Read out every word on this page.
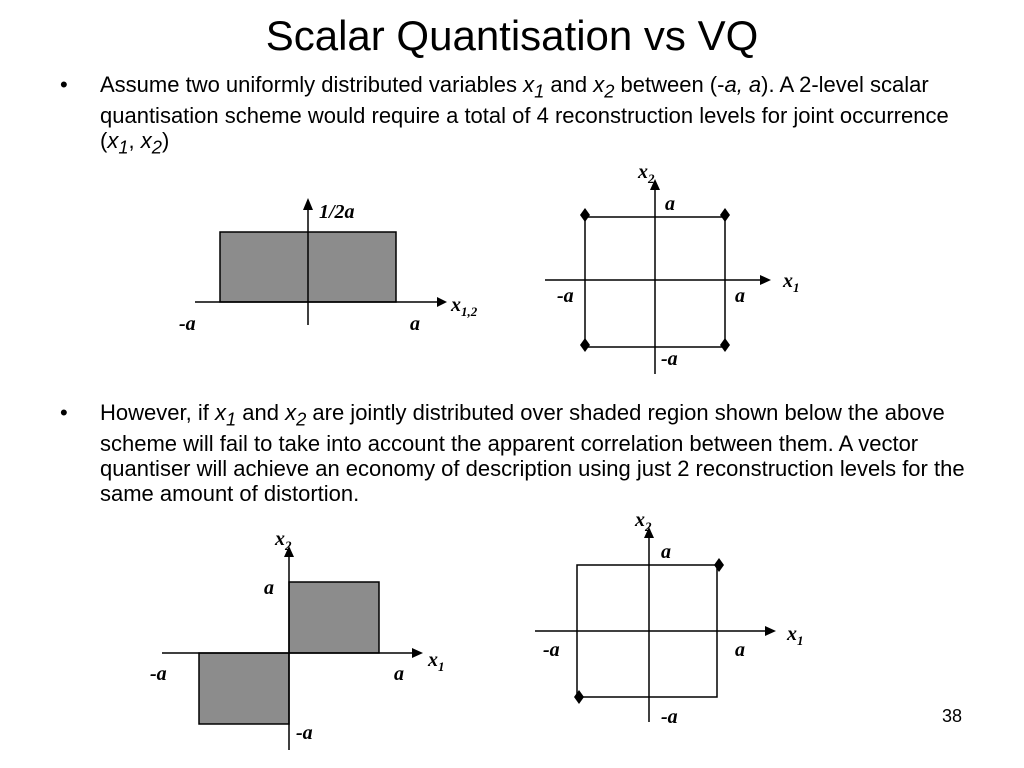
Scalar Quantisation vs VQ
• Assume two uniformly distributed variables $x_1$ and $x_2$ between (-a, a). A 2-level scalar quantisation scheme would require a total of 4 reconstruction levels for joint occurrence ($x_1$, $x_2$)
1/2a
$x_{1,2}$
-a	a
$x_2$
$x_1$
a
-a
-a	a
• However, if $x_1$ and $x_2$ are jointly distributed over shaded region shown below the above scheme will fail to take into account the apparent correlation between them. A vector quantiser will achieve an economy of description using just 2 reconstruction levels for the same amount of distortion.
$x_2$
$x_1$
a
-a
-a	a
$x_2$
$x_1$
a
-a
-a	a
38
